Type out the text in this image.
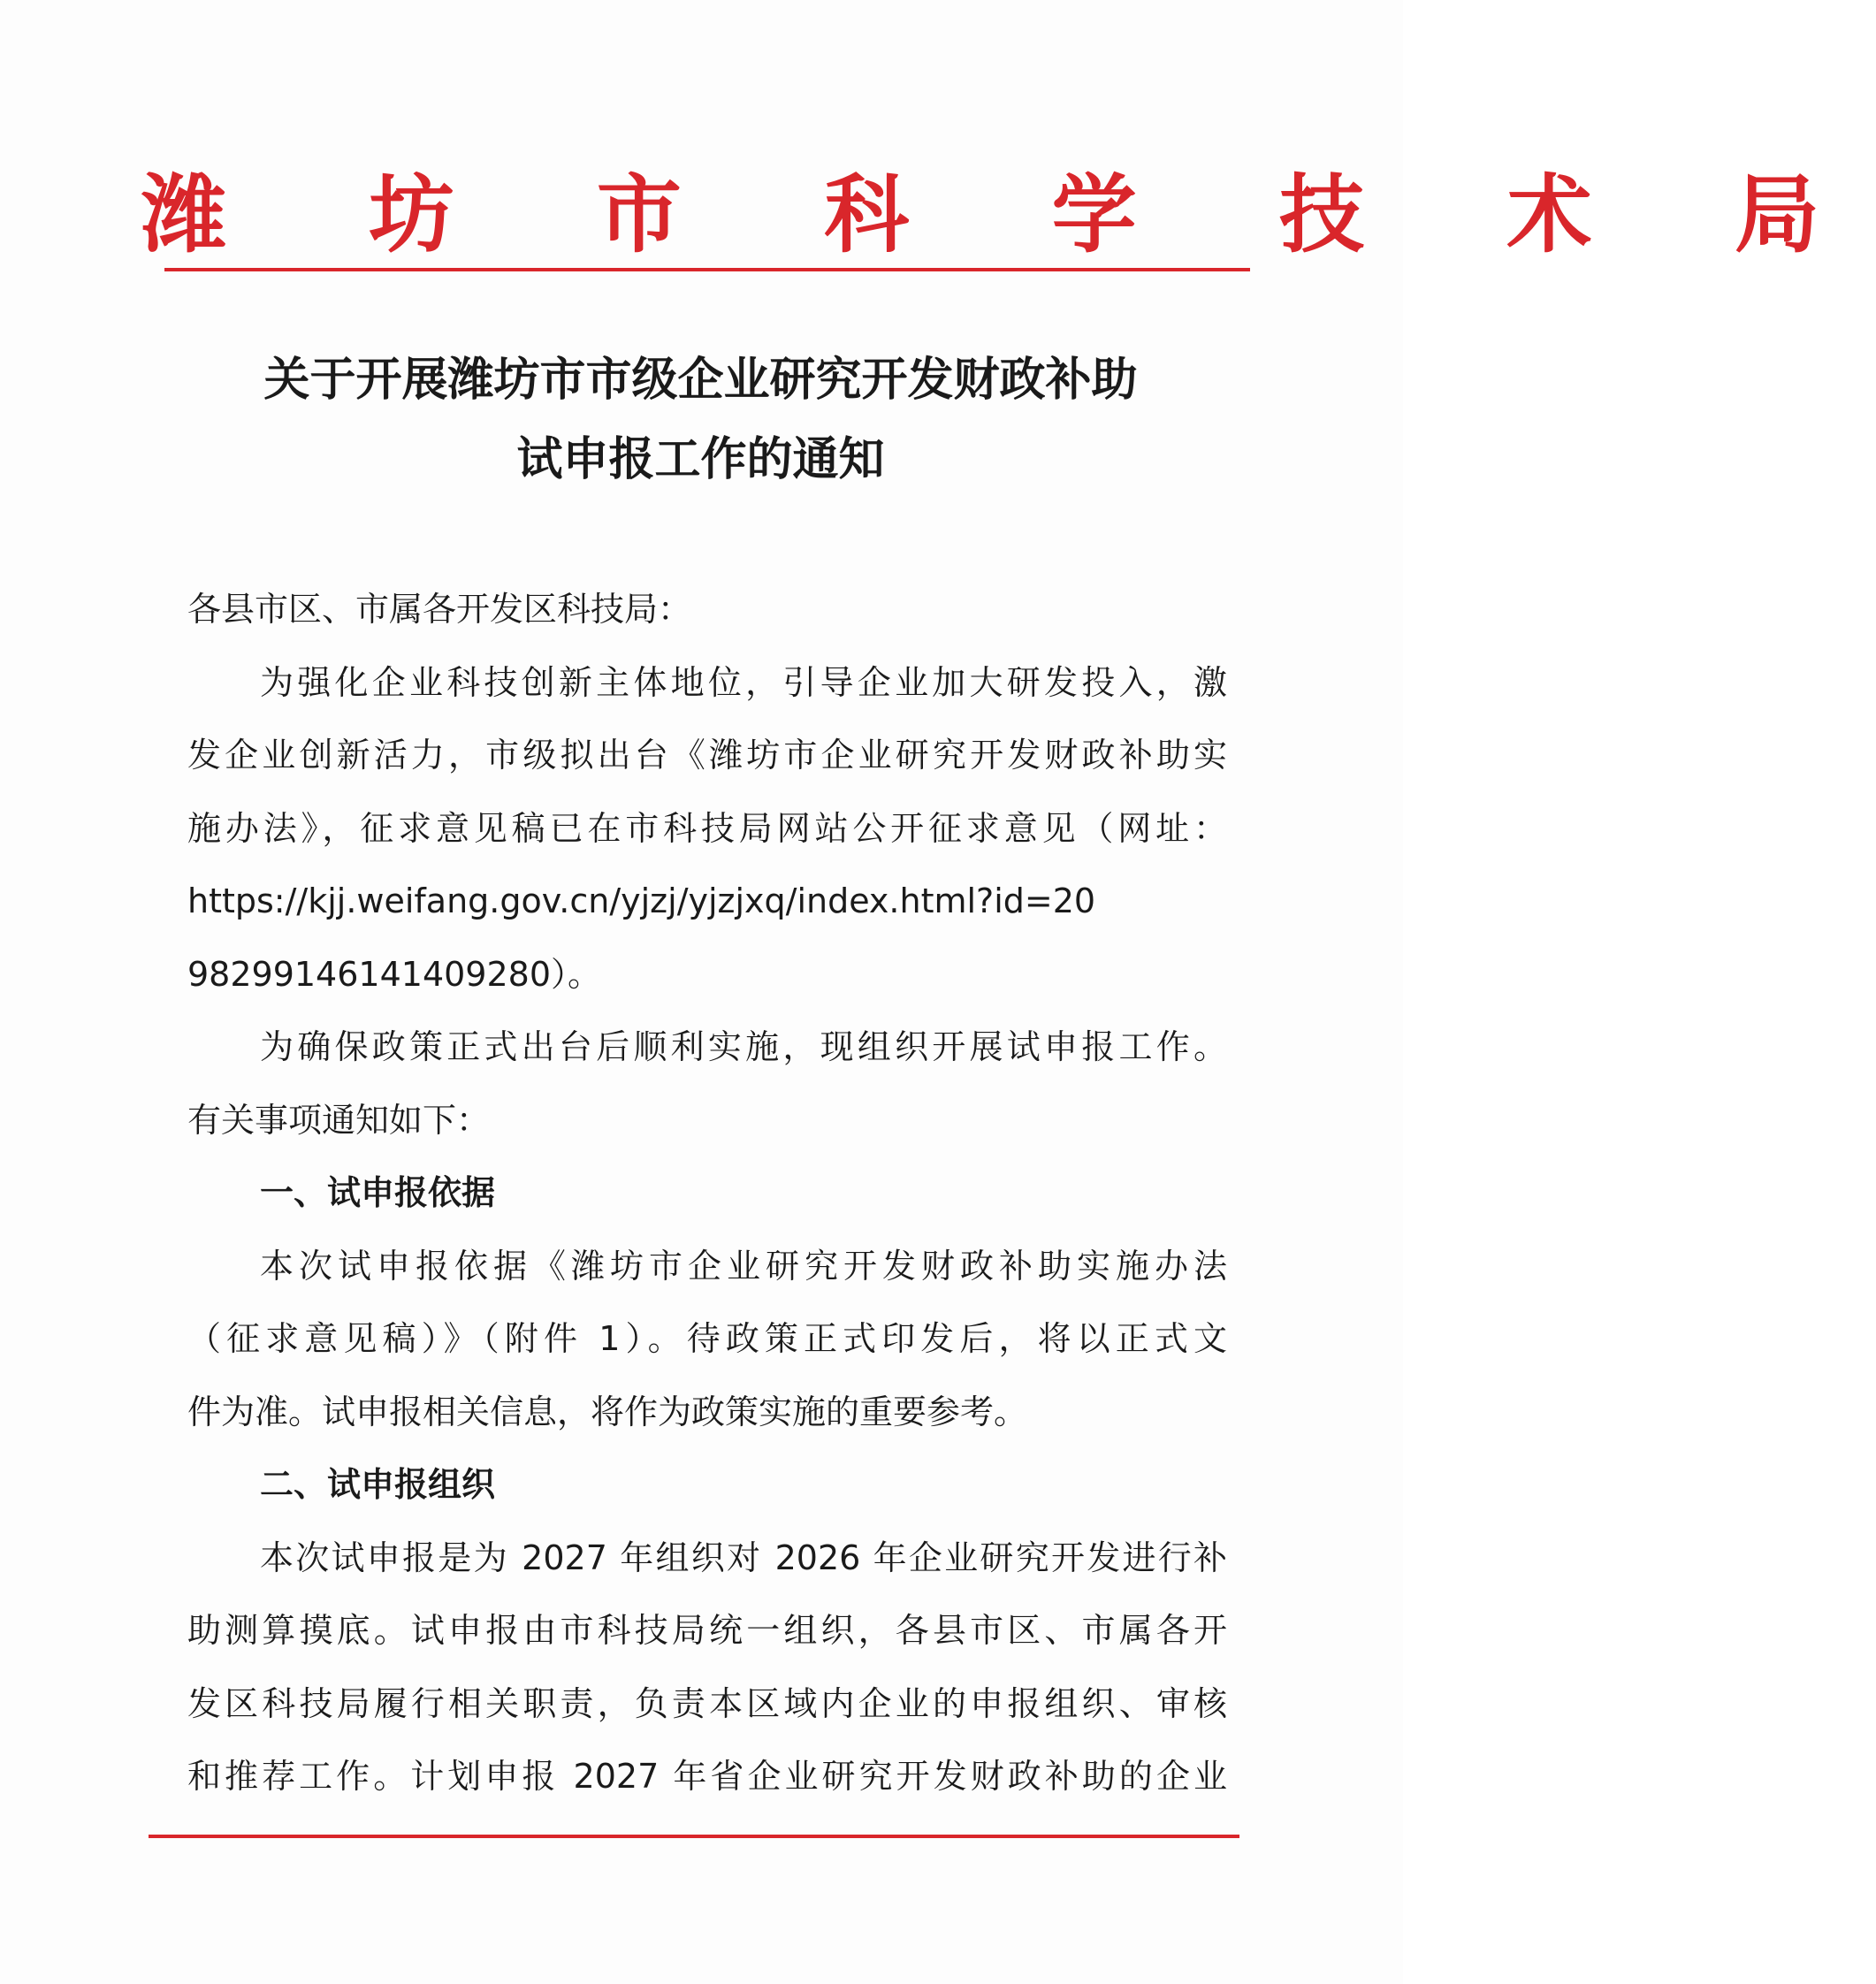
潍 坊 市 科 学 技 术 局
关于开展潍坊市市级企业研究开发财政补助
试申报工作的通知
各县市区、市属各开发区科技局：
为强化企业科技创新主体地位，引导企业加大研发投入，激
发企业创新活力，市级拟出台《潍坊市企业研究开发财政补助实
施办法》，征求意见稿已在市科技局网站公开征求意见（网址：
https://kjj.weifang.gov.cn/yjzj/yjzjxq/index.html?id=20
98299146141409280）。
为确保政策正式出台后顺利实施，现组织开展试申报工作。
有关事项通知如下：
一、试申报依据
本次试申报依据《潍坊市企业研究开发财政补助实施办法
（征求意见稿）》（附件 1）。待政策正式印发后，将以正式文
件为准。试申报相关信息，将作为政策实施的重要参考。
二、试申报组织
本次试申报是为 2027 年组织对 2026 年企业研究开发进行补
助测算摸底。试申报由市科技局统一组织，各县市区、市属各开
发区科技局履行相关职责，负责本区域内企业的申报组织、审核
和推荐工作。计划申报 2027 年省企业研究开发财政补助的企业
